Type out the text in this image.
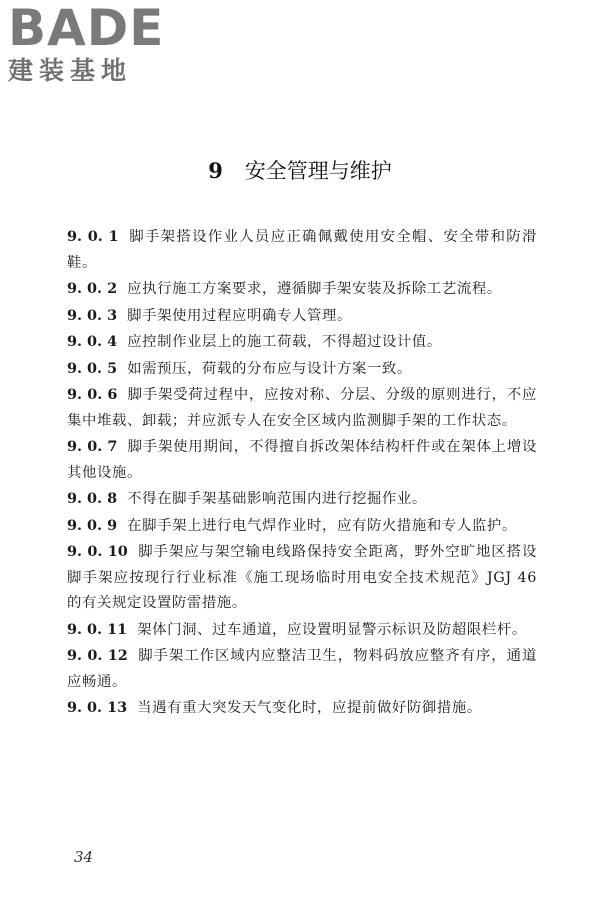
BADE
建装基地
9 安全管理与维护
9. 0. 1 脚手架搭设作业人员应正确佩戴使用安全帽、安全带和防滑鞋。
9. 0. 2 应执行施工方案要求，遵循脚手架安装及拆除工艺流程。
9. 0. 3 脚手架使用过程应明确专人管理。
9. 0. 4 应控制作业层上的施工荷载，不得超过设计值。
9. 0. 5 如需预压，荷载的分布应与设计方案一致。
9. 0. 6 脚手架受荷过程中，应按对称、分层、分级的原则进行，不应集中堆载、卸载；并应派专人在安全区域内监测脚手架的工作状态。
9. 0. 7 脚手架使用期间，不得擅自拆改架体结构杆件或在架体上增设其他设施。
9. 0. 8 不得在脚手架基础影响范围内进行挖掘作业。
9. 0. 9 在脚手架上进行电气焊作业时，应有防火措施和专人监护。
9. 0. 10 脚手架应与架空输电线路保持安全距离，野外空旷地区搭设脚手架应按现行行业标准《施工现场临时用电安全技术规范》JGJ 46 的有关规定设置防雷措施。
9. 0. 11 架体门洞、过车通道，应设置明显警示标识及防超限栏杆。
9. 0. 12 脚手架工作区域内应整洁卫生，物料码放应整齐有序，通道应畅通。
9. 0. 13 当遇有重大突发天气变化时，应提前做好防御措施。
34
